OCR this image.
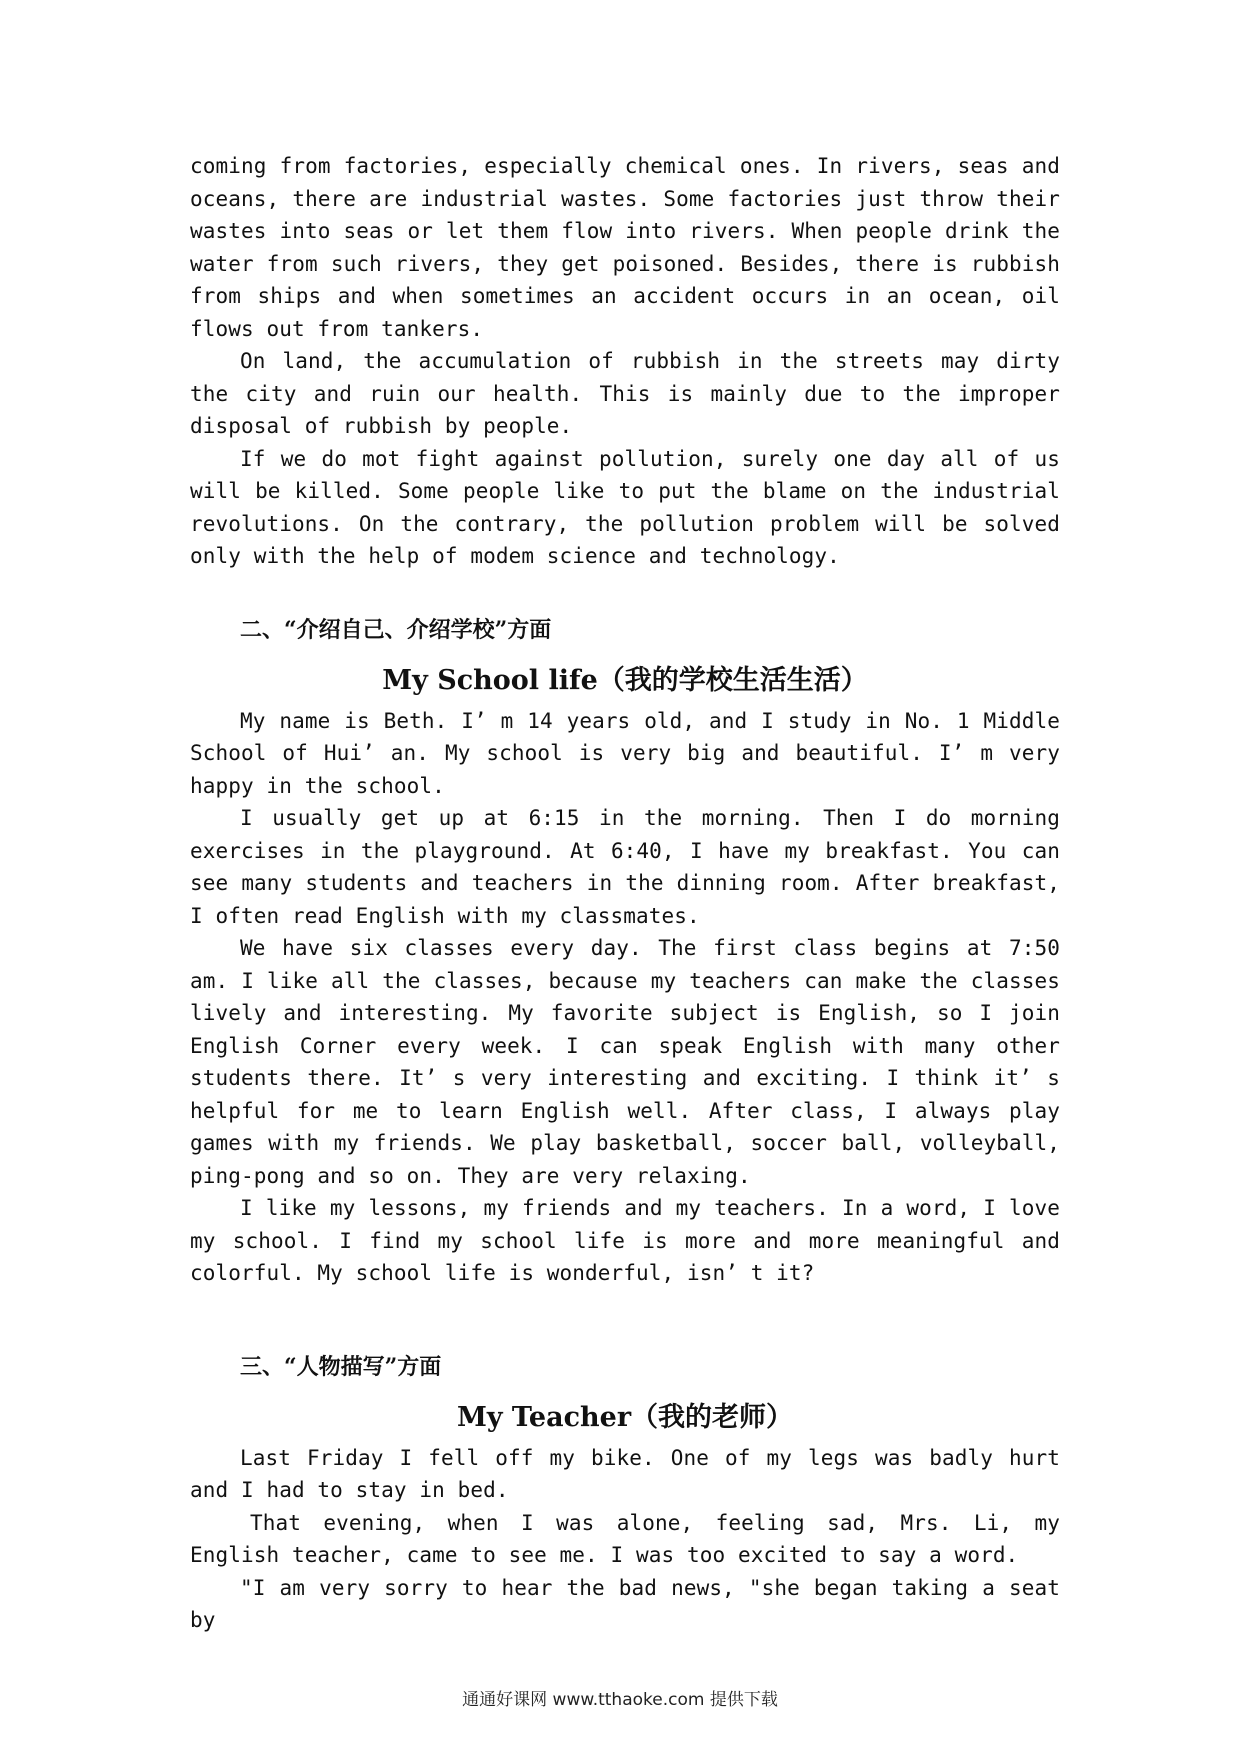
coming from factories, especially chemical ones. In rivers, seas and oceans, there are industrial wastes. Some factories just throw their wastes into seas or let them flow into rivers. When people drink the water from such rivers, they get poisoned. Besides, there is rubbish from ships and when sometimes an accident occurs in an ocean, oil flows out from tankers.

On land, the accumulation of rubbish in the streets may dirty the city and ruin our health. This is mainly due to the improper disposal of rubbish by people.

If we do mot fight against pollution, surely one day all of us will be killed. Some people like to put the blame on the industrial revolutions. On the contrary, the pollution problem will be solved only with the help of modem science and technology.

二、“介绍自己、介绍学校”方面

My School life（我的学校生活生活）

My name is Beth. I’ m 14 years old, and I study in No. 1 Middle School of Hui’ an. My school is very big and beautiful. I’ m very happy in the school.

I usually get up at 6:15 in the morning. Then I do morning exercises in the playground. At 6:40, I have my breakfast. You can see many students and teachers in the dinning room. After breakfast, I often read English with my classmates.

We have six classes every day. The first class begins at 7:50 am. I like all the classes, because my teachers can make the classes lively and interesting. My favorite subject is English, so I join English Corner every week. I can speak English with many other students there. It’ s very interesting and exciting. I think it’ s helpful for me to learn English well. After class, I always play games with my friends. We play basketball, soccer ball, volleyball, ping-pong and so on. They are very relaxing.

I like my lessons, my friends and my teachers. In a word, I love my school. I find my school life is more and more meaningful and colorful. My school life is wonderful, isn’ t it?

三、“人物描写”方面

My Teacher（我的老师）

Last Friday I fell off my bike. One of my legs was badly hurt and I had to stay in bed.

That evening, when I was alone, feeling sad, Mrs. Li, my English teacher, came to see me. I was too excited to say a word.

"I am very sorry to hear the bad news, "she began taking a seat by

通通好课网 www.tthaoke.com 提供下载
